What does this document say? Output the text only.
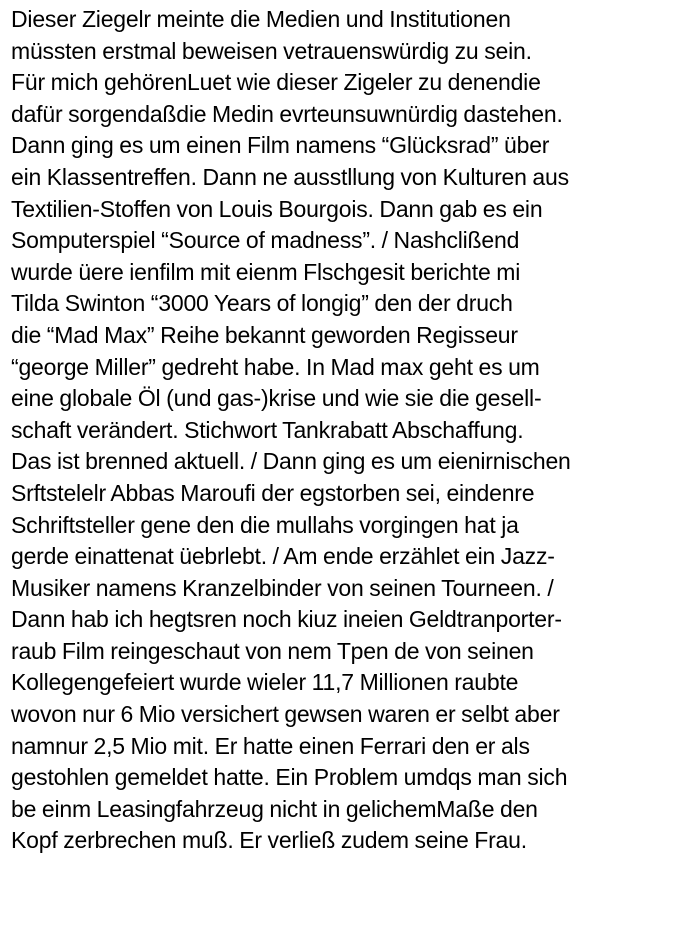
Dieser Ziegelr meinte die Medien und Institutionen
müssten erstmal beweisen vetrauenswürdig zu sein.
Für mich gehörenLuet wie dieser Zigeler zu denendie
dafür sorgendaßdie Medin evrteunsuwnürdig dastehen.
Dann ging es um einen Film namens “Glücksrad” über
ein Klassentreffen. Dann ne ausstllung von Kulturen aus
Textilien-Stoffen von Louis Bourgois. Dann gab es ein
Somputerspiel “Source of madness”. / Nashclißend
wurde üere ienfilm mit eienm Flschgesit berichte mi
Tilda Swinton “3000 Years of longig” den der druch
die “Mad Max” Reihe bekannt geworden Regisseur
“george Miller” gedreht habe. In Mad max geht es um
eine globale Öl (und gas-)krise und wie sie die gesell-
schaft verändert. Stichwort Tankrabatt Abschaffung.
Das ist brenned aktuell. / Dann ging es um eienirnischen
Srftstelelr Abbas Maroufi der egstorben sei, eindenre
Schriftsteller gene den die mullahs vorgingen hat ja
gerde einattenat üebrlebt. / Am ende erzählet ein Jazz-
Musiker namens Kranzelbinder von seinen Tourneen. /
Dann hab ich hegtsren noch kiuz ineien Geldtranporter-
raub Film reingeschaut von nem Tpen de von seinen
Kollegengefeiert wurde wieler 11,7 Millionen raubte
wovon nur 6 Mio versichert gewsen waren er selbt aber
namnur 2,5 Mio mit. Er hatte einen Ferrari den er als
gestohlen gemeldet hatte. Ein Problem umdqs man sich
be einm Leasingfahrzeug nicht in gelichemMaße den
Kopf zerbrechen muß. Er verließ zudem seine Frau.
